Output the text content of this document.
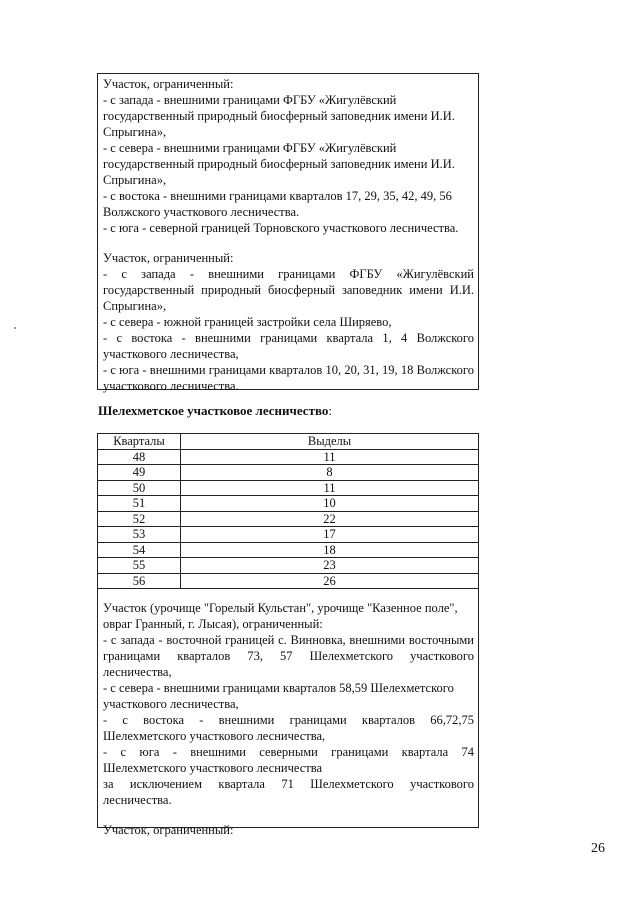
Участок, ограниченный:

- с запада - внешними границами ФГБУ «Жигулёвский государственный природный биосферный заповедник имени И.И. Спрыгина»,

- с севера - внешними границами ФГБУ «Жигулёвский государственный природный биосферный заповедник имени И.И. Спрыгина»,

- с востока - внешними границами кварталов 17, 29, 35, 42, 49, 56 Волжского участкового лесничества.

- с юга - северной границей Торновского участкового лесничества.

Участок, ограниченный:

- с запада - внешними границами ФГБУ «Жигулёвский государственный природный биосферный заповедник имени И.И. Спрыгина»,

- с севера - южной границей застройки села Ширяево,

- с востока - внешними границами квартала 1, 4 Волжского участкового лесничества,

- с юга - внешними границами кварталов 10, 20, 31, 19, 18 Волжского участкового лесничества.

Шелехметское участковое лесничество:
Кварталы	Выделы
48	11
49	8
50	11
51	10
52	22
53	17
54	18
55	23
56	26

Участок (урочище "Горелый Кульстан", урочище "Казенное поле", овраг Гранный, г. Лысая), ограниченный:

- с запада - восточной границей с. Винновка, внешними восточными границами кварталов 73, 57 Шелехметского участкового лесничества,

- с севера - внешними границами кварталов 58,59 Шелехметского участкового лесничества,

- с востока - внешними границами кварталов 66,72,75 Шелехметского участкового лесничества,

- с юга - внешними северными границами квартала 74 Шелехметского участкового лесничества

за исключением квартала 71 Шелехметского участкового лесничества.

Участок, ограниченный:

26
